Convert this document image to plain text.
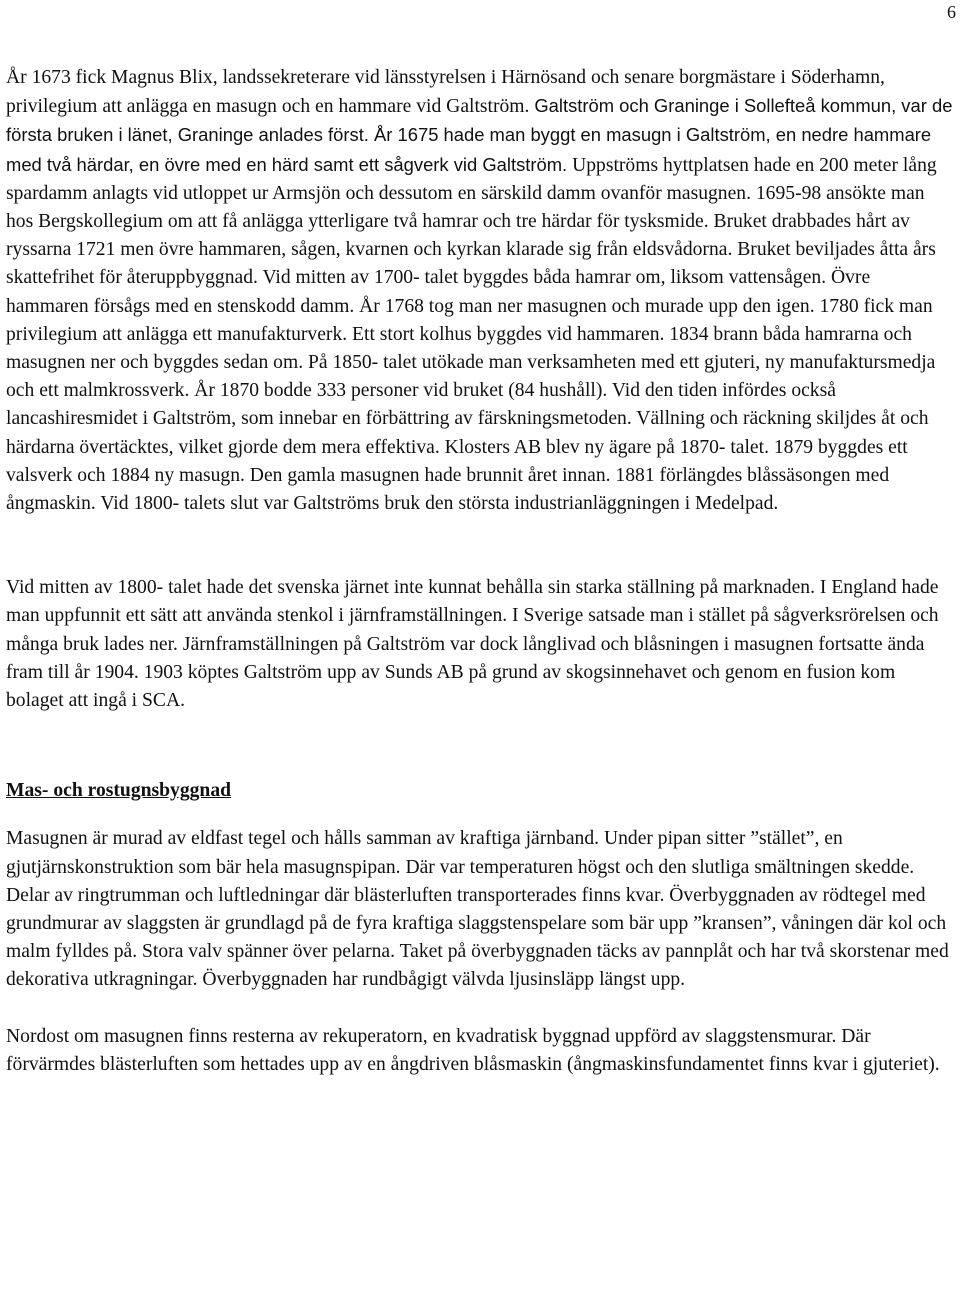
6

År 1673 fick Magnus Blix, landssekreterare vid länsstyrelsen i Härnösand och senare borgmästare i Söderhamn, privilegium att anlägga en masugn och en hammare vid Galtström. Galtström och Graninge i Sollefteå kommun, var de första bruken i länet, Graninge anlades först. År 1675 hade man byggt en masugn i Galtström, en nedre hammare med två härdar, en övre med en härd samt ett sågverk vid Galtström. Uppströms hyttplatsen hade en 200 meter lång spardamm anlagts vid utloppet ur Armsjön och dessutom en särskild damm ovanför masugnen. 1695-98 ansökte man hos Bergskollegium om att få anlägga ytterligare två hamrar och tre härdar för tysksmide. Bruket drabbades hårt av ryssarna 1721 men övre hammaren, sågen, kvarnen och kyrkan klarade sig från eldsvådorna. Bruket beviljades åtta års skattefrihet för återuppbyggnad. Vid mitten av 1700- talet byggdes båda hamrar om, liksom vattensågen. Övre hammaren försågs med en stenskodd damm. År 1768 tog man ner masugnen och murade upp den igen. 1780 fick man privilegium att anlägga ett manufakturverk. Ett stort kolhus byggdes vid hammaren. 1834 brann båda hamrarna och masugnen ner och byggdes sedan om. På 1850- talet utökade man verksamheten med ett gjuteri, ny manufaktursmedja och ett malmkrossverk. År 1870 bodde 333 personer vid bruket (84 hushåll). Vid den tiden infördes också lancashiresmidet i Galtström, som innebar en förbättring av färskningsmetoden. Vällning och räckning skiljdes åt och härdarna övertäcktes, vilket gjorde dem mera effektiva. Klosters AB blev ny ägare på 1870- talet. 1879 byggdes ett valsverk och 1884 ny masugn. Den gamla masugnen hade brunnit året innan. 1881 förlängdes blåssäsongen med ångmaskin. Vid 1800- talets slut var Galtströms bruk den största industrianläggningen i Medelpad.

Vid mitten av 1800- talet hade det svenska järnet inte kunnat behålla sin starka ställning på marknaden. I England hade man uppfunnit ett sätt att använda stenkol i järnframställningen. I Sverige satsade man i stället på sågverksrörelsen och många bruk lades ner. Järnframställningen på Galtström var dock långlivad och blåsningen i masugnen fortsatte ända fram till år 1904. 1903 köptes Galtström upp av Sunds AB på grund av skogsinnehavet och genom en fusion kom bolaget att ingå i SCA.

Mas- och rostugnsbyggnad

Masugnen är murad av eldfast tegel och hålls samman av kraftiga järnband. Under pipan sitter ”stället”, en gjutjärnskonstruktion som bär hela masugnspipan. Där var temperaturen högst och den slutliga smältningen skedde. Delar av ringtrumman och luftledningar där blästerluften transporterades finns kvar. Överbyggnaden av rödtegel med grundmurar av slaggsten är grundlagd på de fyra kraftiga slaggstenspelare som bär upp ”kransen”, våningen där kol och malm fylldes på. Stora valv spänner över pelarna. Taket på överbyggnaden täcks av pannplåt och har två skorstenar med dekorativa utkragningar. Överbyggnaden har rundbågigt välvda ljusinsläpp längst upp.

Nordost om masugnen finns resterna av rekuperatorn, en kvadratisk byggnad uppförd av slaggstensmurar. Där förvärmdes blästerluften som hettades upp av en ångdriven blåsmaskin (ångmaskinsfundamentet finns kvar i gjuteriet).
